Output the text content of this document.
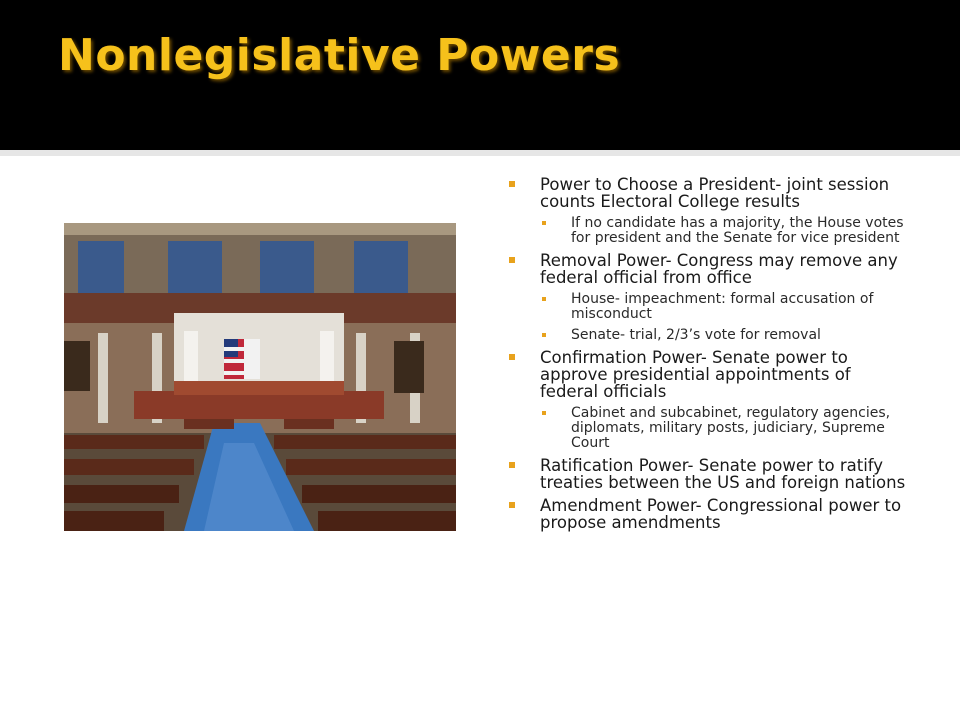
Nonlegislative Powers
Power to Choose a President- joint session counts Electoral College results
If no candidate has a majority, the House votes for president and the Senate for vice president
Removal Power- Congress may remove any federal official from office
House- impeachment: formal accusation of misconduct
Senate- trial, 2/3’s vote for removal
Confirmation Power- Senate power to approve presidential appointments of federal officials
Cabinet and subcabinet, regulatory agencies, diplomats, military posts, judiciary, Supreme Court
Ratification Power- Senate power to ratify treaties between the US and foreign nations
Amendment Power- Congressional power to propose amendments
